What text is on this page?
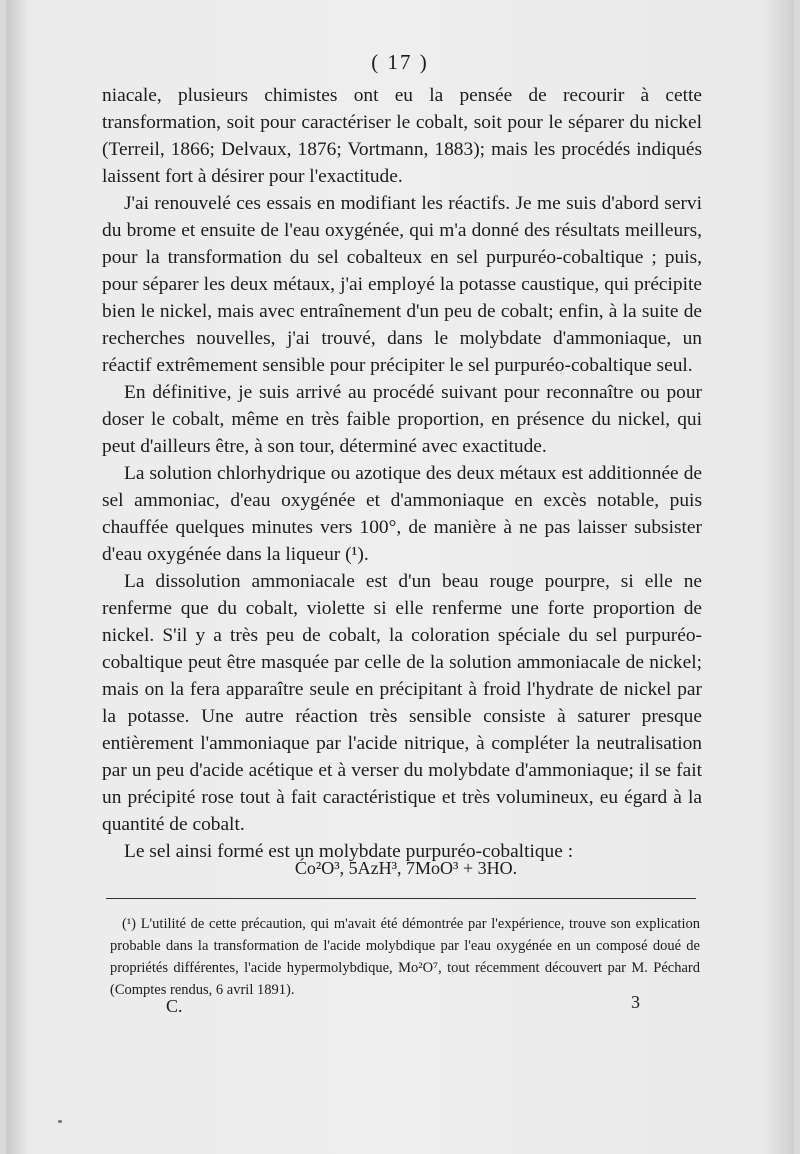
( 17 )

niacale, plusieurs chimistes ont eu la pensée de recourir à cette transformation, soit pour caractériser le cobalt, soit pour le séparer du nickel (Terreil, 1866; Delvaux, 1876; Vortmann, 1883); mais les procédés indiqués laissent fort à désirer pour l'exactitude.

J'ai renouvelé ces essais en modifiant les réactifs. Je me suis d'abord servi du brome et ensuite de l'eau oxygénée, qui m'a donné des résultats meilleurs, pour la transformation du sel cobalteux en sel purpuréo-cobaltique ; puis, pour séparer les deux métaux, j'ai employé la potasse caustique, qui précipite bien le nickel, mais avec entraînement d'un peu de cobalt; enfin, à la suite de recherches nouvelles, j'ai trouvé, dans le molybdate d'ammoniaque, un réactif extrêmement sensible pour précipiter le sel purpuréo-cobaltique seul.

En définitive, je suis arrivé au procédé suivant pour reconnaître ou pour doser le cobalt, même en très faible proportion, en présence du nickel, qui peut d'ailleurs être, à son tour, déterminé avec exactitude.

La solution chlorhydrique ou azotique des deux métaux est additionnée de sel ammoniac, d'eau oxygénée et d'ammoniaque en excès notable, puis chauffée quelques minutes vers 100°, de manière à ne pas laisser subsister d'eau oxygénée dans la liqueur (¹).

La dissolution ammoniacale est d'un beau rouge pourpre, si elle ne renferme que du cobalt, violette si elle renferme une forte proportion de nickel. S'il y a très peu de cobalt, la coloration spéciale du sel purpuréo-cobaltique peut être masquée par celle de la solution ammoniacale de nickel; mais on la fera apparaître seule en précipitant à froid l'hydrate de nickel par la potasse. Une autre réaction très sensible consiste à saturer presque entièrement l'ammoniaque par l'acide nitrique, à compléter la neutralisation par un peu d'acide acétique et à verser du molybdate d'ammoniaque; il se fait un précipité rose tout à fait caractéristique et très volumineux, eu égard à la quantité de cobalt.

Le sel ainsi formé est un molybdate purpuréo-cobaltique :

Ćo²O³, 5AzH³, 7MoO³ + 3HO.

(¹) L'utilité de cette précaution, qui m'avait été démontrée par l'expérience, trouve son explication probable dans la transformation de l'acide molybdique par l'eau oxygénée en un composé doué de propriétés différentes, l'acide hypermolybdique, Mo²O⁷, tout récemment découvert par M. Péchard (Comptes rendus, 6 avril 1891).

C.	3
